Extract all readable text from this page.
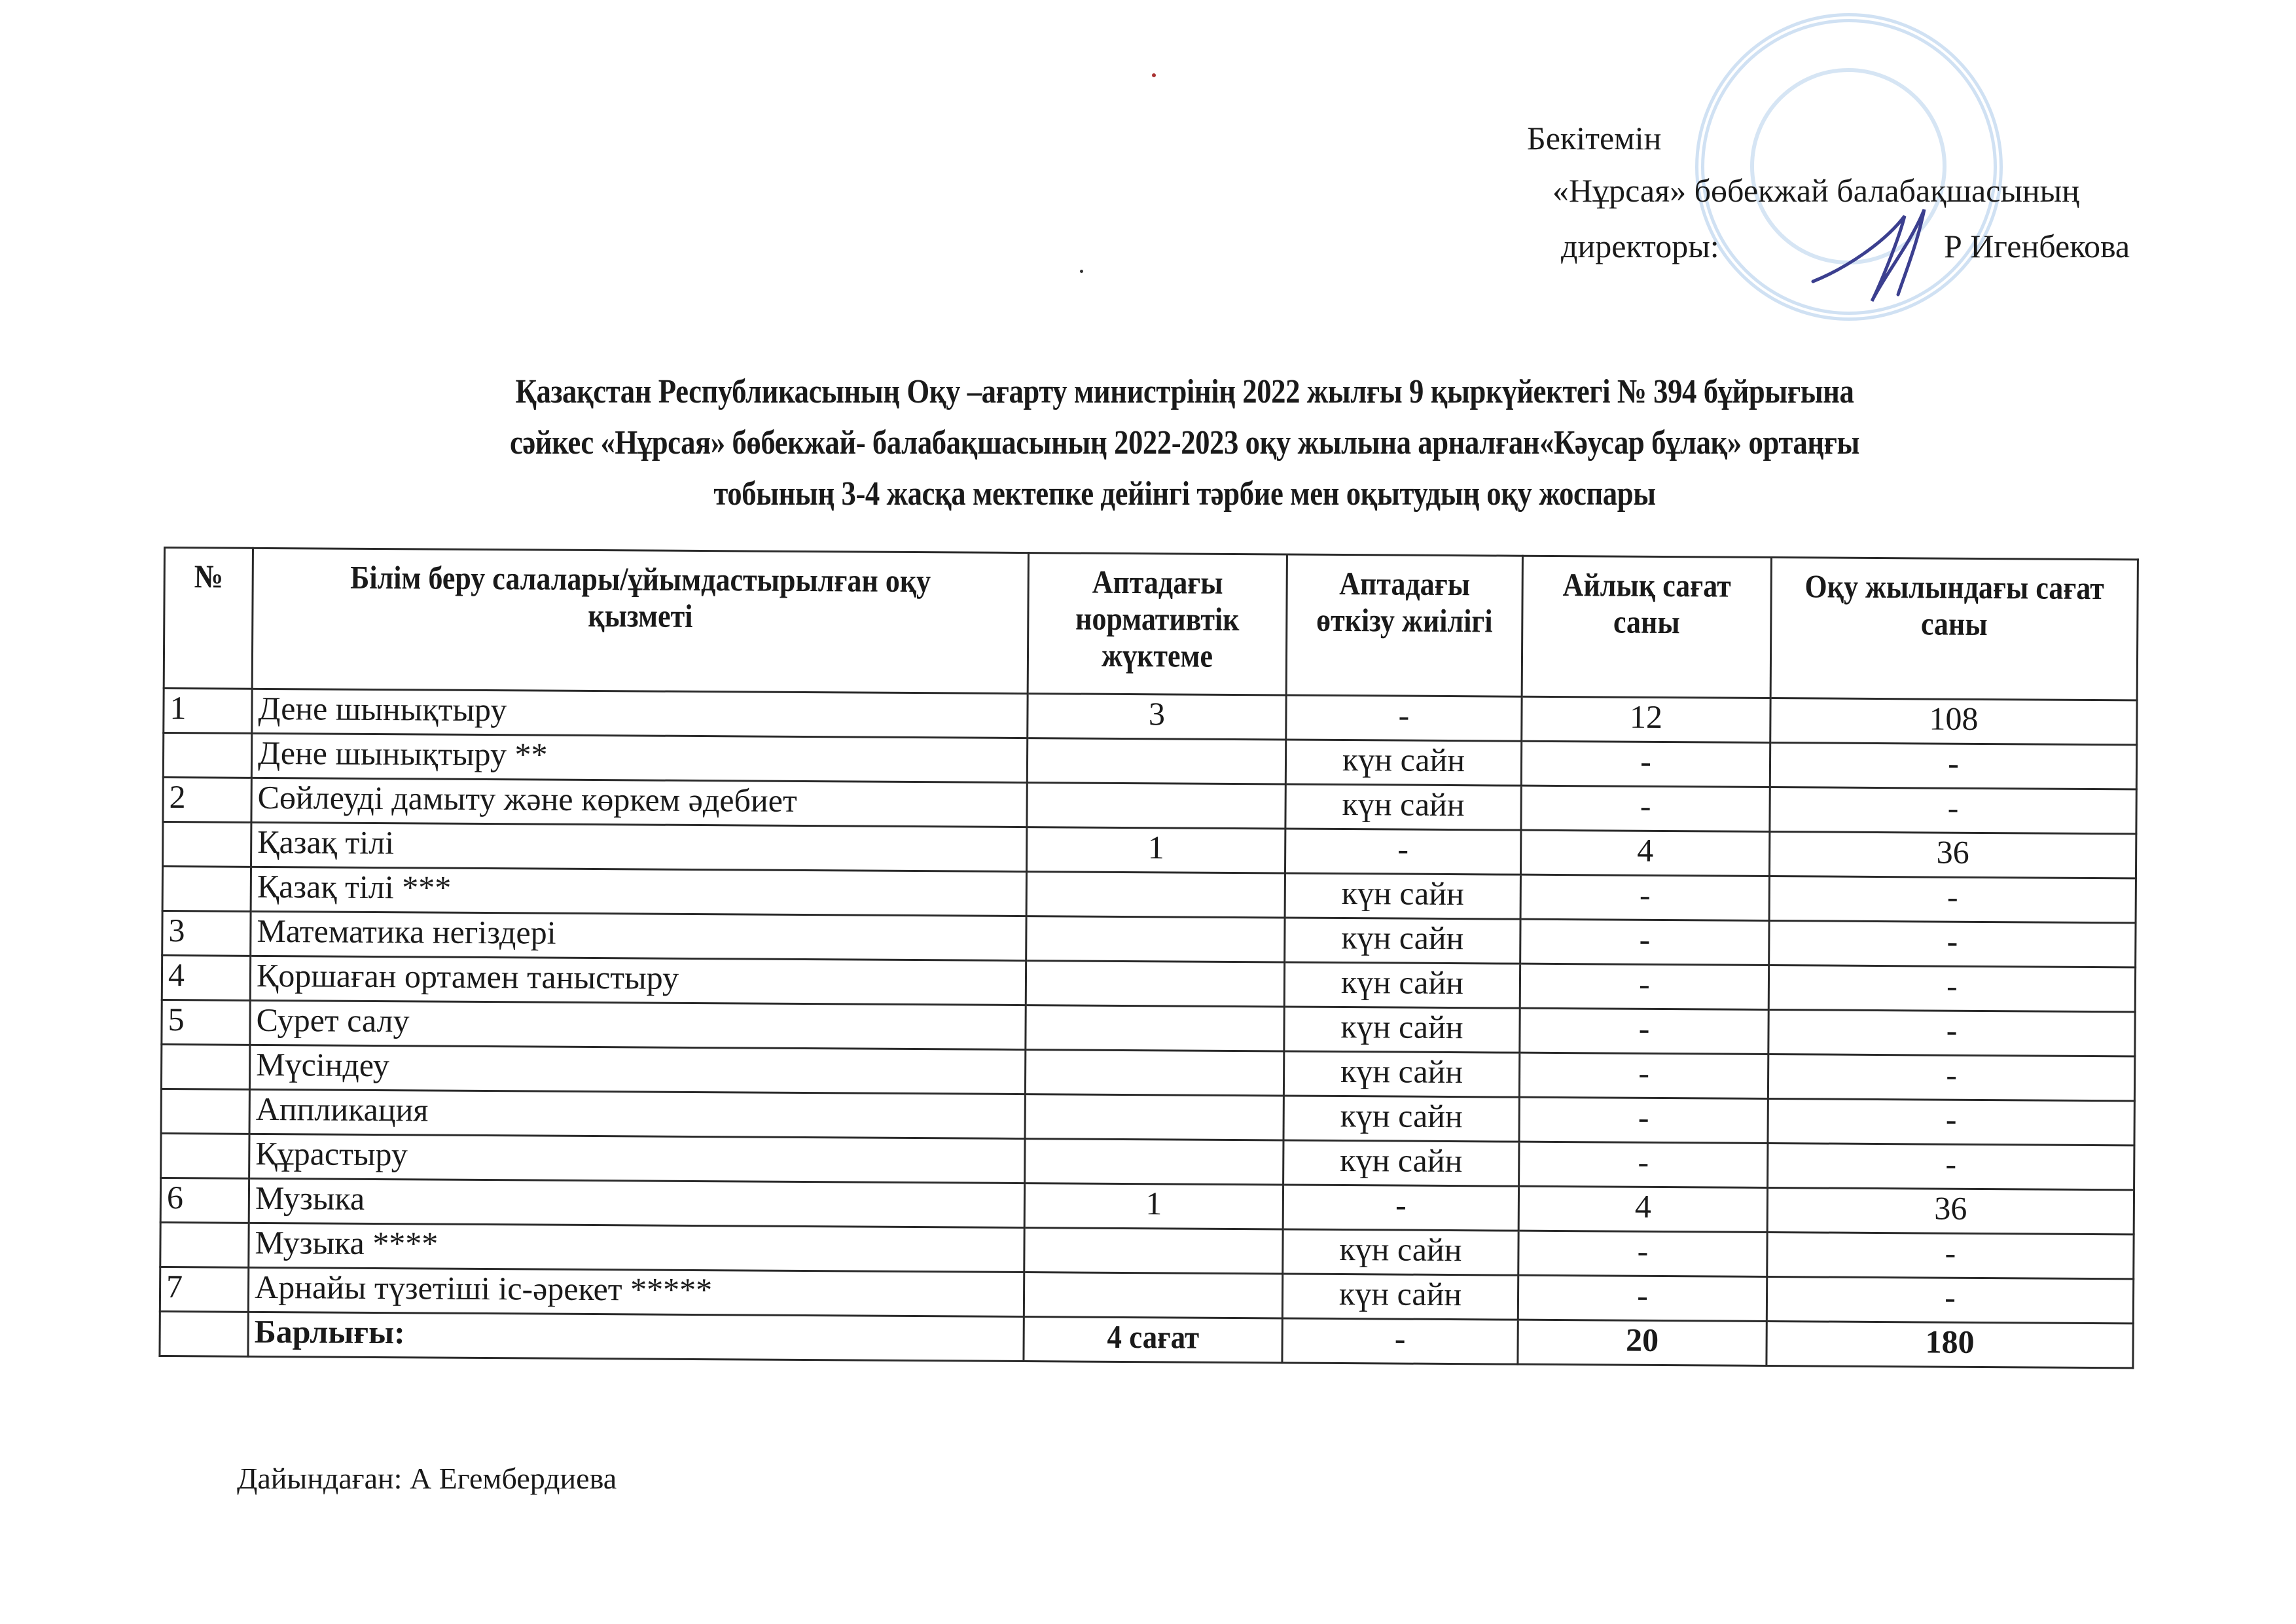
Бекітемін
«Нұрсая» бөбекжай балабақшасының
директоры:	Р Игенбекова
Қазақстан Республикасының Оқу –ағарту министрінің 2022 жылғы 9 қыркүйектегі № 394 бұйрығына
сәйкес «Нұрсая» бөбекжай- балабақшасының 2022-2023 оқу жылына арналған«Кәусар бұлақ» ортаңғы
тобының 3-4 жасқа мектепке дейінгі тәрбие мен оқытудың оқу жоспары
№	Білім беру салалары/ұйымдастырылған оқу қызметі	Аптадағы нормативтік жүктеме	Аптадағы өткізу жиілігі	Айлық сағат саны	Оқу жылындағы сағат саны
1	Дене шынықтыру	3	-	12	108
	Дене шынықтыру **		күн сайн	-	-
2	Сөйлеуді дамыту және көркем әдебиет		күн сайн	-	-
	Қазақ тілі	1	-	4	36
	Қазақ тілі ***		күн сайн	-	-
3	Математика негіздері		күн сайн	-	-
4	Қоршаған ортамен таныстыру		күн сайн	-	-
5	Сурет салу		күн сайн	-	-
	Мүсіндеу		күн сайн	-	-
	Аппликация		күн сайн	-	-
	Құрастыру		күн сайн	-	-
6	Музыка	1	-	4	36
	Музыка ****		күн сайн	-	-
7	Арнайы түзетіші іс-әрекет *****		күн сайн	-	-
	Барлығы:	4 сағат	-	20	180
Дайындаған: А Егембердиева
